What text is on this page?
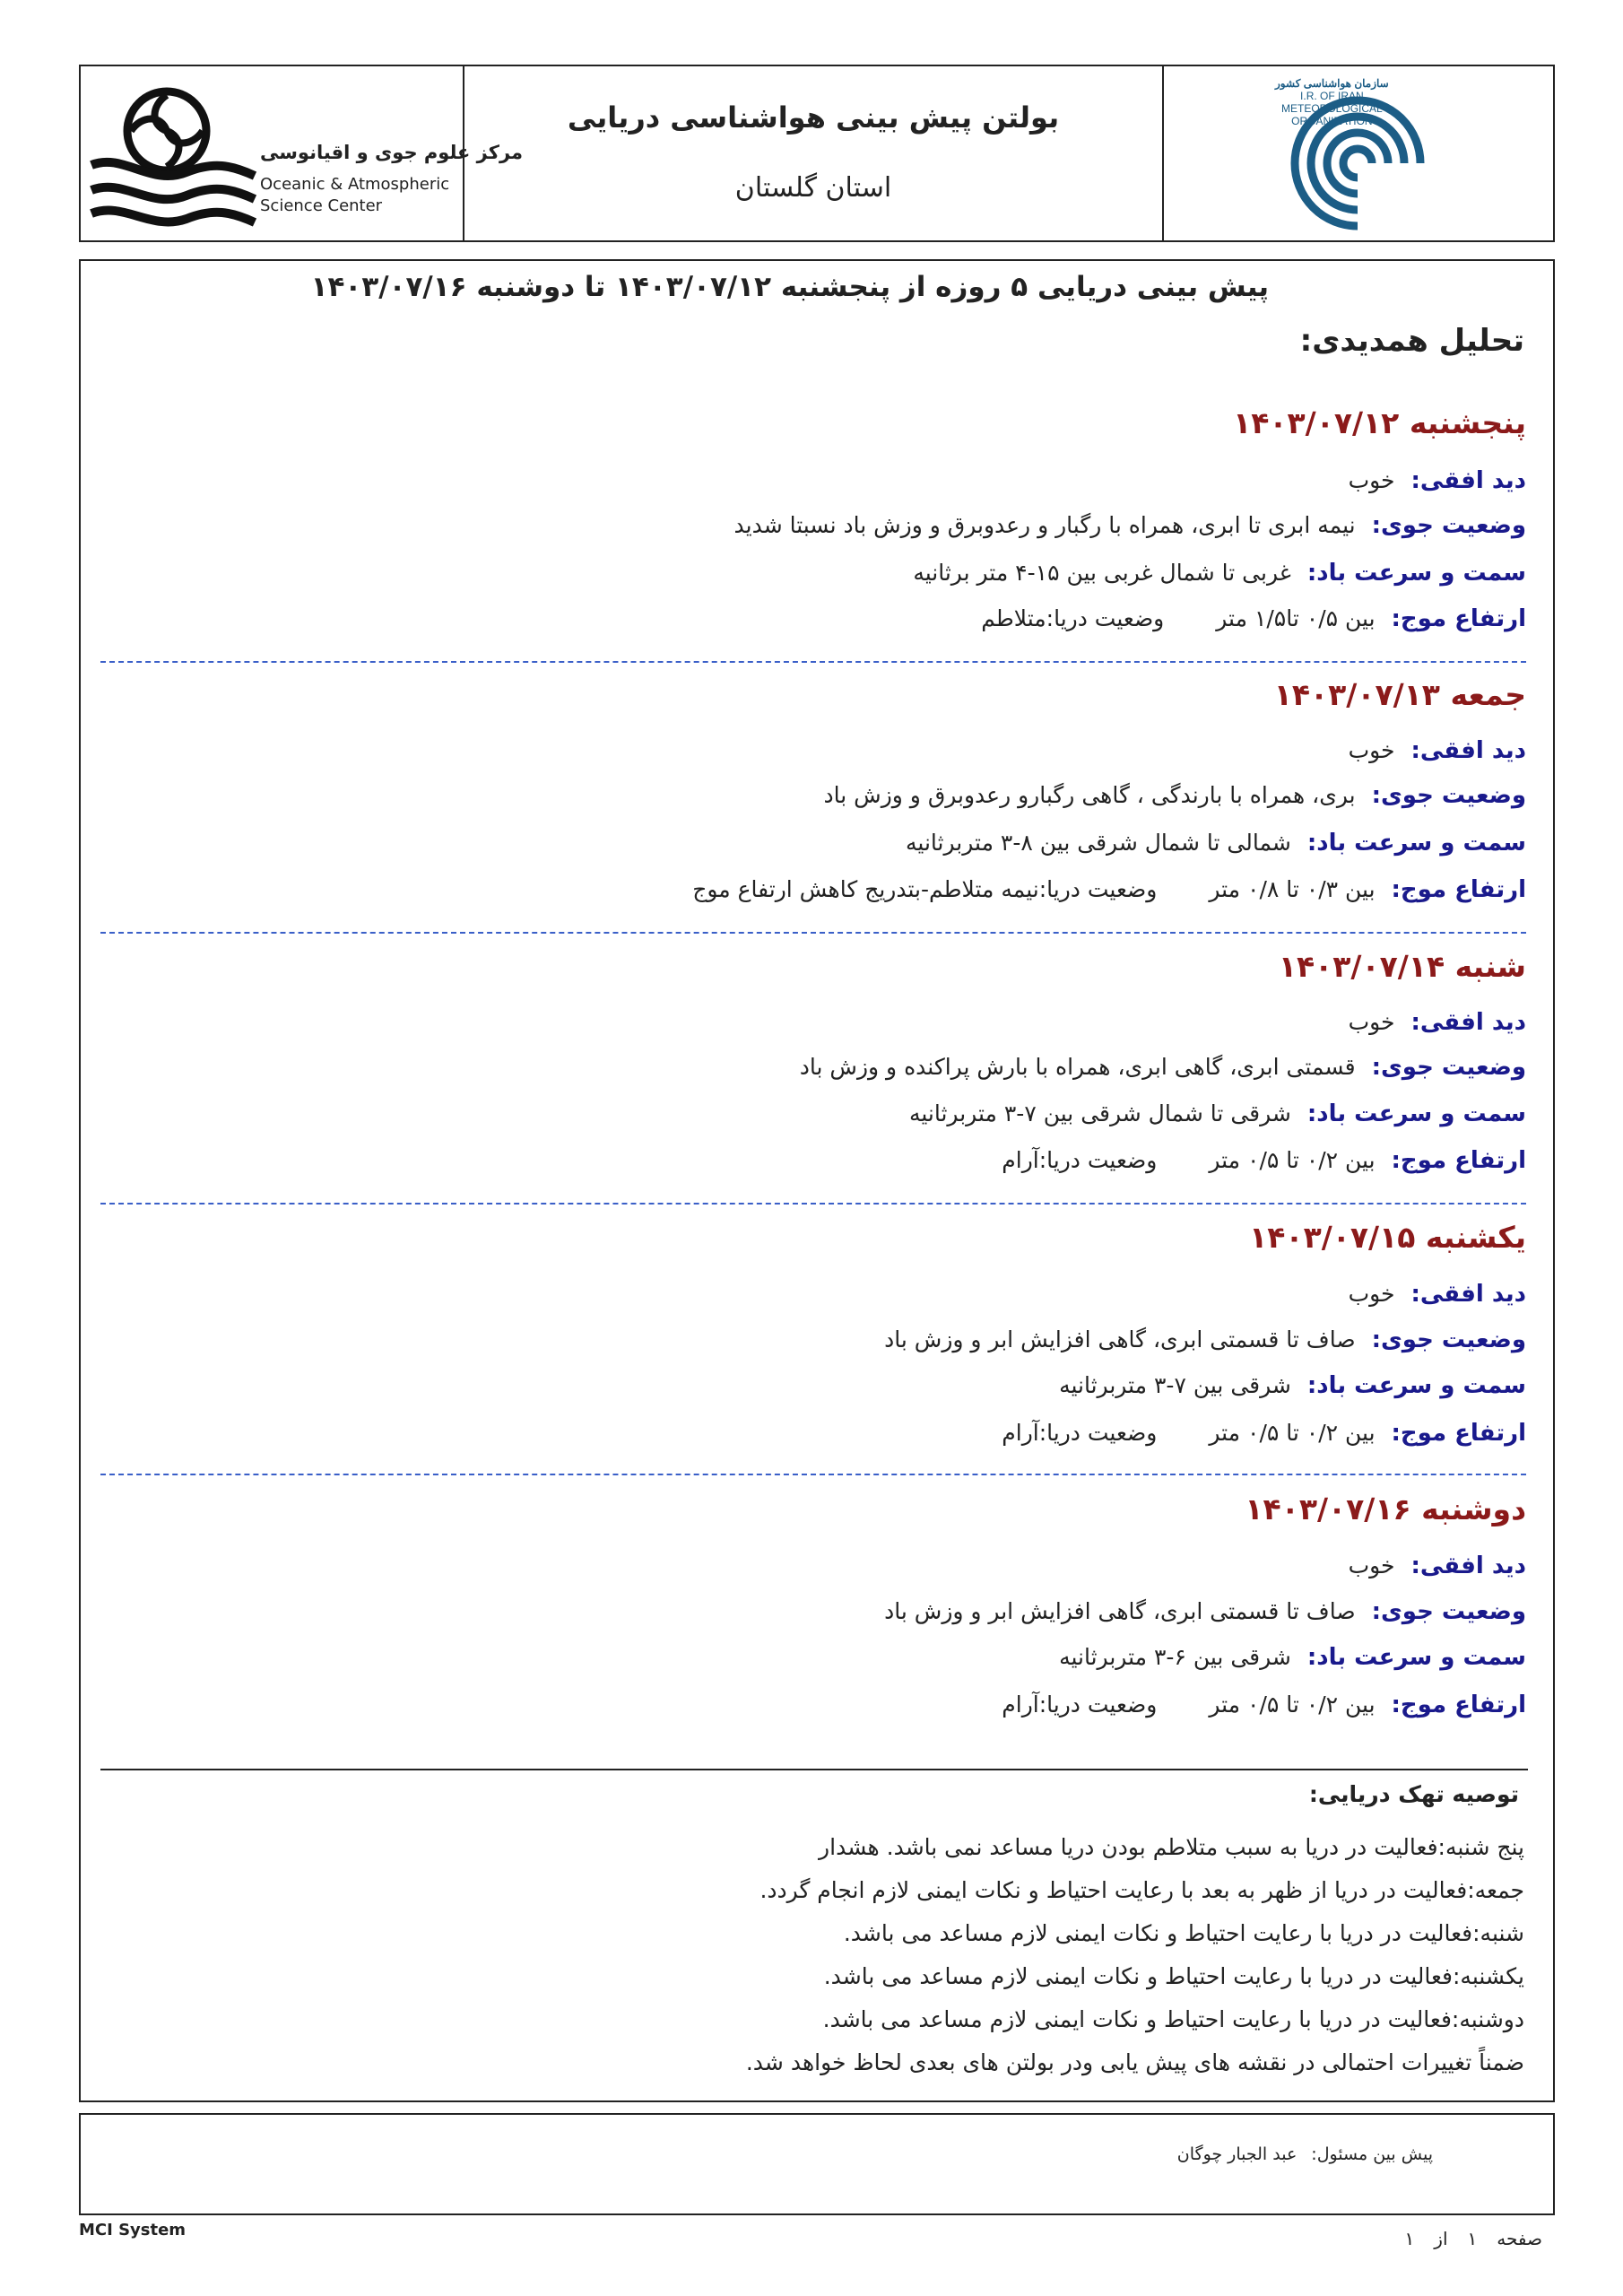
مرکز علوم جوی و اقیانوسی
Oceanic & Atmospheric
Science Center
بولتن پیش بینی هواشناسی دریایی
استان گلستان
سازمان هواشناسی کشور
I.R. OF IRAN
METEOROLOGICAL
ORGANIZATION
پیش بینی دریایی ۵ روزه از پنجشنبه ۱۴۰۳/۰۷/۱۲ تا دوشنبه ۱۴۰۳/۰۷/۱۶
تحلیل همدیدی:
پنجشنبه ۱۴۰۳/۰۷/۱۲
دید افقی:خوب
وضعیت جوی:نیمه ابری تا ابری، همراه با رگبار و رعدوبرق و وزش باد نسبتا شدید
سمت و سرعت باد:غربی تا شمال غربی بین ۱۵-۴ متر برثانیه
ارتفاع موج:بین ۰/۵ تا۱/۵ متروضعیت دریا:متلاطم
جمعه ۱۴۰۳/۰۷/۱۳
دید افقی:خوب
وضعیت جوی:بری، همراه با بارندگی ، گاهی رگبارو رعدوبرق و وزش باد
سمت و سرعت باد:شمالی تا شمال شرقی بین ۸-۳ متربرثانیه
ارتفاع موج:بین ۰/۳ تا ۰/۸ متروضعیت دریا:نیمه متلاطم-بتدریج کاهش ارتفاع موج
شنبه ۱۴۰۳/۰۷/۱۴
دید افقی:خوب
وضعیت جوی:قسمتی ابری، گاهی ابری، همراه با بارش پراکنده و وزش باد
سمت و سرعت باد:شرقی تا شمال شرقی بین ۷-۳ متربرثانیه
ارتفاع موج:بین ۰/۲ تا ۰/۵ متروضعیت دریا:آرام
یکشنبه ۱۴۰۳/۰۷/۱۵
دید افقی:خوب
وضعیت جوی:صاف تا قسمتی ابری، گاهی افزایش ابر و وزش باد
سمت و سرعت باد:شرقی بین ۷-۳ متربرثانیه
ارتفاع موج:بین ۰/۲ تا ۰/۵ متروضعیت دریا:آرام
دوشنبه ۱۴۰۳/۰۷/۱۶
دید افقی:خوب
وضعیت جوی:صاف تا قسمتی ابری، گاهی افزایش ابر و وزش باد
سمت و سرعت باد:شرقی بین ۶-۳ متربرثانیه
ارتفاع موج:بین ۰/۲ تا ۰/۵ متروضعیت دریا:آرام
توصیه تهک دریایی:
پنج شنبه:فعالیت در دریا به سبب متلاطم بودن دریا مساعد نمی باشد. هشدار
جمعه:فعالیت در دریا از ظهر به بعد با رعایت احتیاط و نکات ایمنی لازم انجام گردد.
شنبه:فعالیت در دریا با رعایت احتیاط و نکات ایمنی لازم مساعد می باشد.
یکشنبه:فعالیت در دریا با رعایت احتیاط و نکات ایمنی لازم مساعد می باشد.
دوشنبه:فعالیت در دریا با رعایت احتیاط و نکات ایمنی لازم مساعد می باشد.
ضمناً تغییرات احتمالی در نقشه های پیش یابی ودر بولتن های بعدی لحاظ خواهد شد.
پیش بین مسئول:عبد الجبار چوگان
MCI System	صفحه۱از۱
